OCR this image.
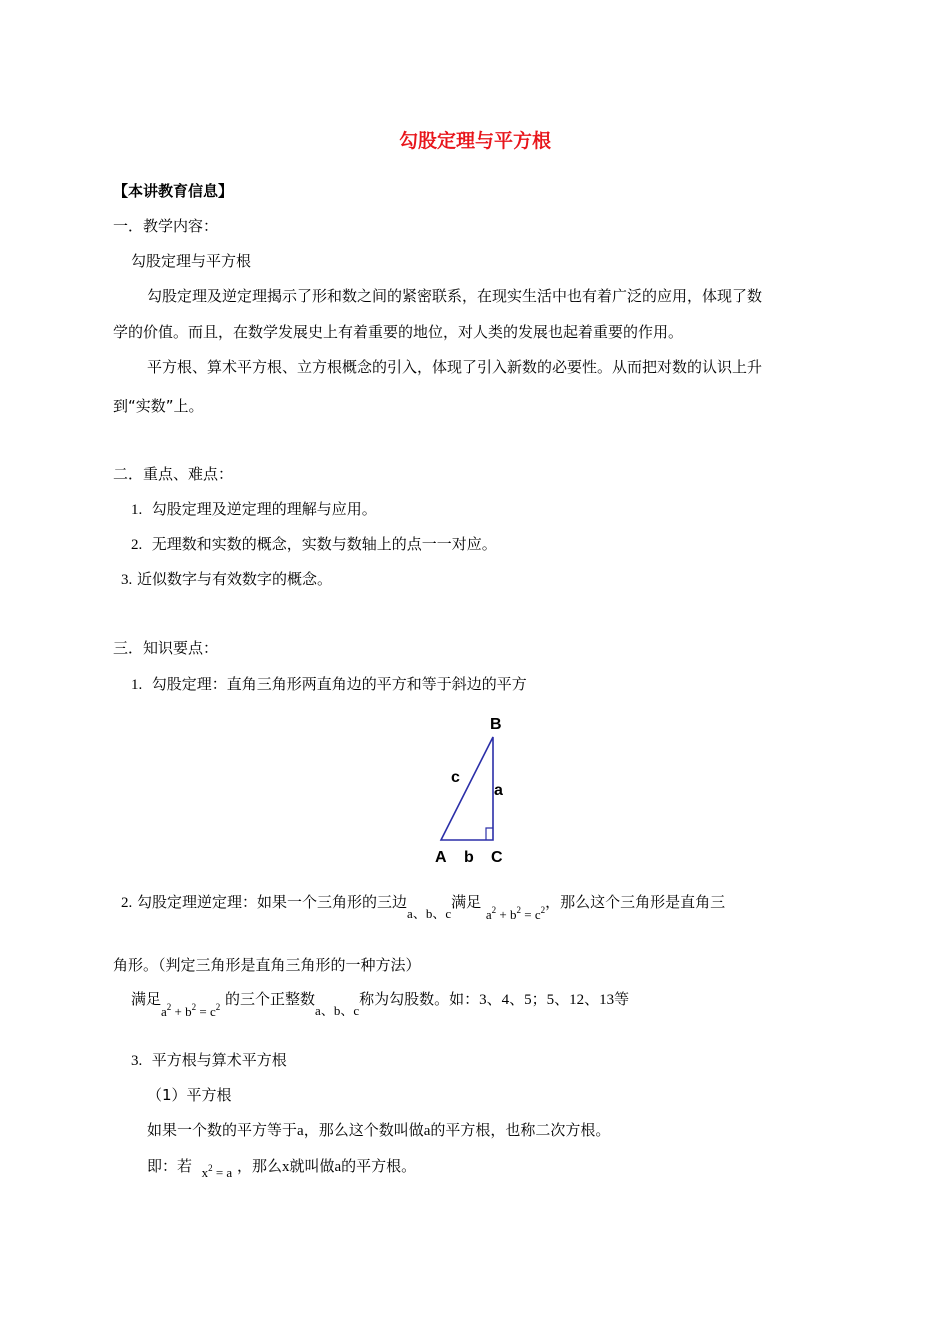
勾股定理与平方根
【本讲教育信息】
一．教学内容：
勾股定理与平方根
勾股定理及逆定理揭示了形和数之间的紧密联系，在现实生活中也有着广泛的应用，体现了数
学的价值。而且，在数学发展史上有着重要的地位，对人类的发展也起着重要的作用。
平方根、算术平方根、立方根概念的引入，体现了引入新数的必要性。从而把对数的认识上升
到“实数”上。
二．重点、难点：
1. 勾股定理及逆定理的理解与应用。
2. 无理数和实数的概念，实数与数轴上的点一一对应。
3. 近似数字与有效数字的概念。
三．知识要点：
1. 勾股定理：直角三角形两直角边的平方和等于斜边的平方
B
c
a
A b C
2. 勾股定理逆定理：如果一个三角形的三边a、b、c满足 $a^2 + b^2 = c^2$，那么这个三角形是直角三
角形。（判定三角形是直角三角形的一种方法）
满足$a^2 + b^2 = c^2$ 的三个正整数a、b、c称为勾股数。如：3、4、5；5、12、13等
3. 平方根与算术平方根
（1）平方根
如果一个数的平方等于a，那么这个数叫做a的平方根，也称二次方根。
即：若 $x^2 = a$ ，那么x就叫做a的平方根。
